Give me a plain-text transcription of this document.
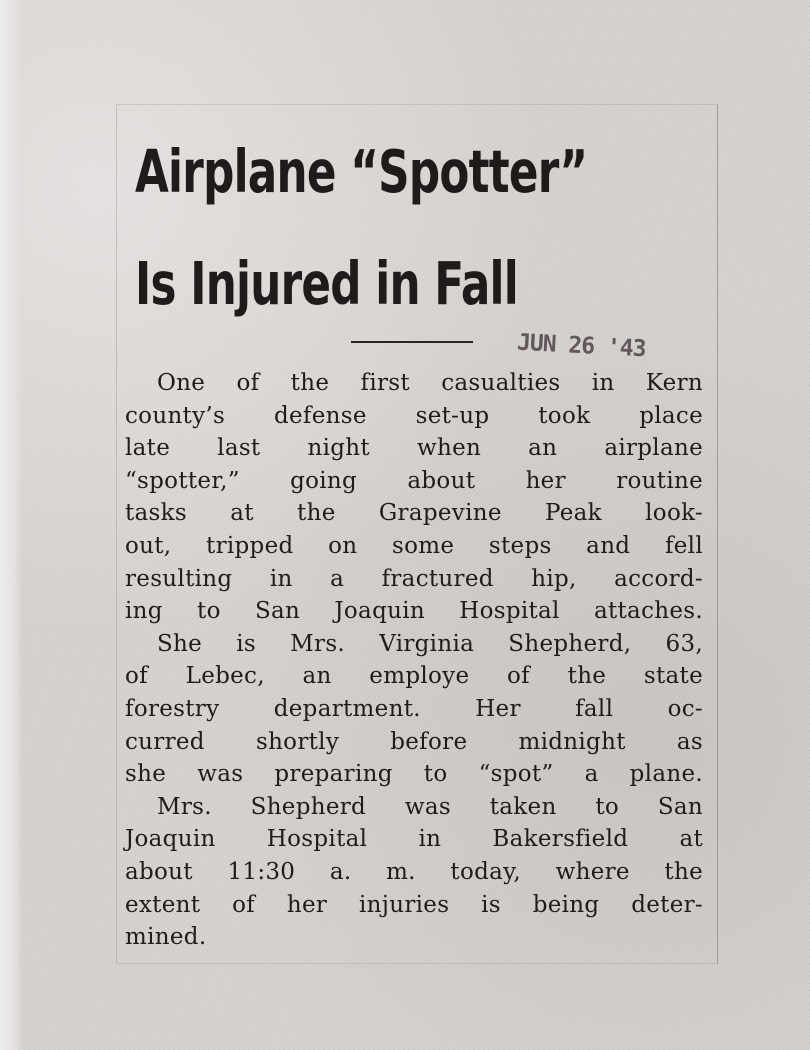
Airplane “Spotter”
Is Injured in Fall
JUN 26 '43
One of the first casualties in Kern
county’s defense set-up took place
late last night when an airplane
“spotter,” going about her routine
tasks at the Grapevine Peak look-
out, tripped on some steps and fell
resulting in a fractured hip, accord-
ing to San Joaquin Hospital attaches.
She is Mrs. Virginia Shepherd, 63,
of Lebec, an employe of the state
forestry department. Her fall oc-
curred shortly before midnight as
she was preparing to “spot” a plane.
Mrs. Shepherd was taken to San
Joaquin Hospital in Bakersfield at
about 11:30 a. m. today, where the
extent of her injuries is being deter-
mined.
